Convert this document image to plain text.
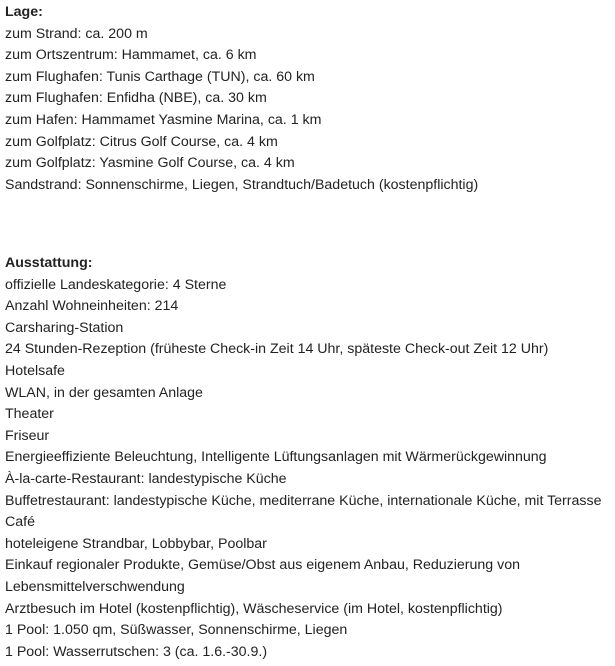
Lage:

zum Strand: ca. 200 m

zum Ortszentrum: Hammamet, ca. 6 km

zum Flughafen: Tunis Carthage (TUN), ca. 60 km

zum Flughafen: Enfidha (NBE), ca. 30 km

zum Hafen: Hammamet Yasmine Marina, ca. 1 km

zum Golfplatz: Citrus Golf Course, ca. 4 km

zum Golfplatz: Yasmine Golf Course, ca. 4 km

Sandstrand: Sonnenschirme, Liegen, Strandtuch/Badetuch (kostenpflichtig)

Ausstattung:

offizielle Landeskategorie: 4 Sterne

Anzahl Wohneinheiten: 214

Carsharing-Station

24 Stunden-Rezeption (früheste Check-in Zeit 14 Uhr, späteste Check-out Zeit 12 Uhr)

Hotelsafe

WLAN, in der gesamten Anlage

Theater

Friseur

Energieeffiziente Beleuchtung, Intelligente Lüftungsanlagen mit Wärmerückgewinnung

À-la-carte-Restaurant: landestypische Küche

Buffetrestaurant: landestypische Küche, mediterrane Küche, internationale Küche, mit Terrasse

Café

hoteleigene Strandbar, Lobbybar, Poolbar

Einkauf regionaler Produkte, Gemüse/Obst aus eigenem Anbau, Reduzierung von Lebensmittelverschwendung

Arztbesuch im Hotel (kostenpflichtig), Wäscheservice (im Hotel, kostenpflichtig)

1 Pool: 1.050 qm, Süßwasser, Sonnenschirme, Liegen

1 Pool: Wasserrutschen: 3 (ca. 1.6.-30.9.)
